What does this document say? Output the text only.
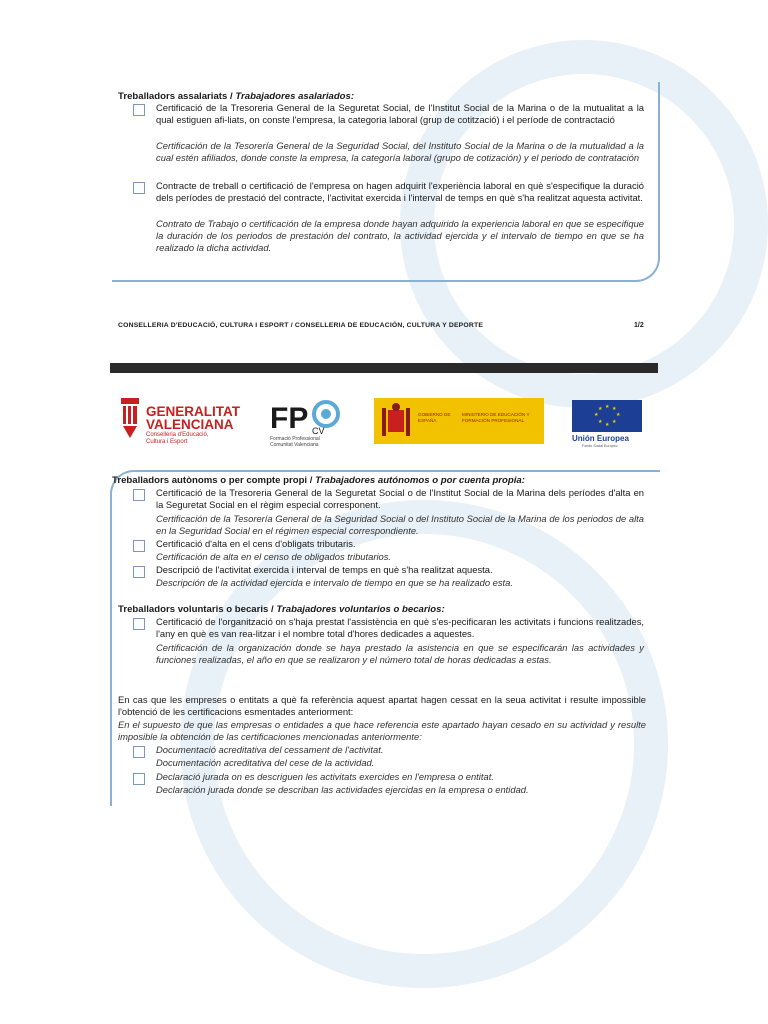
Treballadors assalariats / Trabajadores asalariados:
Certificació de la Tresoreria General de la Seguretat Social, de l'Institut Social de la Marina o de la mutualitat a la qual estiguen afi-liats, on conste l'empresa, la categoria laboral (grup de cotització) i el període de contractació
Certificación de la Tesorería General de la Seguridad Social, del Instituto Social de la Marina o de la mutualidad a la cual estén afiliados, donde conste la empresa, la categoría laboral (grupo de cotización) y el periodo de contratación
Contracte de treball o certificació de l'empresa on hagen adquirit l'experiència laboral en què s'especifique la duració dels períodes de prestació del contracte, l'activitat exercida i l'interval de temps en què s'ha realitzat aquesta activitat.
Contrato de Trabajo o certificación de la empresa donde hayan adquirido la experiencia laboral en que se especifique la duración de los periodos de prestación del contrato, la actividad ejercida y el intervalo de tiempo en que se ha realizado la dicha actividad.
CONSELLERIA D'EDUCACIÓ, CULTURA I ESPORT / CONSELLERIA DE EDUCACIÓN, CULTURA Y DEPORTE	1/2
GENERALITAT VALENCIANA
Conselleria d'Educació, Cultura i Esport
FP CV
Formació Professional Comunitat Valenciana
GOBIERNO DE ESPAÑA
MINISTERIO DE EDUCACIÓN Y FORMACIÓN PROFESIONAL
★ ★
★
★
★
★
★
★
Unión Europea
Fondo Social Europeo
Treballadors autònoms o per compte propi / Trabajadores autónomos o por cuenta propia:
Certificació de la Tresoreria General de la Seguretat Social o de l'Institut Social de la Marina dels períodes d'alta en la Seguretat Social en el règim especial corresponent.
Certificación de la Tesorería General de la Seguridad Social o del Instituto Social de la Marina de los periodos de alta en la Seguridad Social en el régimen especial correspondiente.
Certificació d'alta en el cens d'obligats tributaris.
Certificación de alta en el censo de obligados tributarios.
Descripció de l'activitat exercida i interval de temps en què s'ha realitzat aquesta.
Descripción de la actividad ejercida e intervalo de tiempo en que se ha realizado esta.
Treballadors voluntaris o becaris / Trabajadores voluntarios o becarios:
Certificació de l'organització on s'haja prestat l'assistència en què s'es-pecificaran les activitats i funcions realitzades, l'any en què es van rea-litzar i el nombre total d'hores dedicades a aquestes.
Certificación de la organización donde se haya prestado la asistencia en que se especificarán las actividades y funciones realizadas, el año en que se realizaron y el número total de horas dedicadas a estas.
En cas que les empreses o entitats a què fa referència aquest apartat hagen cessat en la seua activitat i resulte impossible l'obtenció de les certificacions esmentades anteriorment:
En el supuesto de que las empresas o entidades a que hace referencia este apartado hayan cesado en su actividad y resulte imposible la obtención de las certificaciones mencionadas anteriormente:
Documentació acreditativa del cessament de l'activitat.
Documentación acreditativa del cese de la actividad.
Declaració jurada on es descriguen les activitats exercides en l'empresa o entitat.
Declaración jurada donde se describan las actividades ejercidas en la empresa o entidad.
